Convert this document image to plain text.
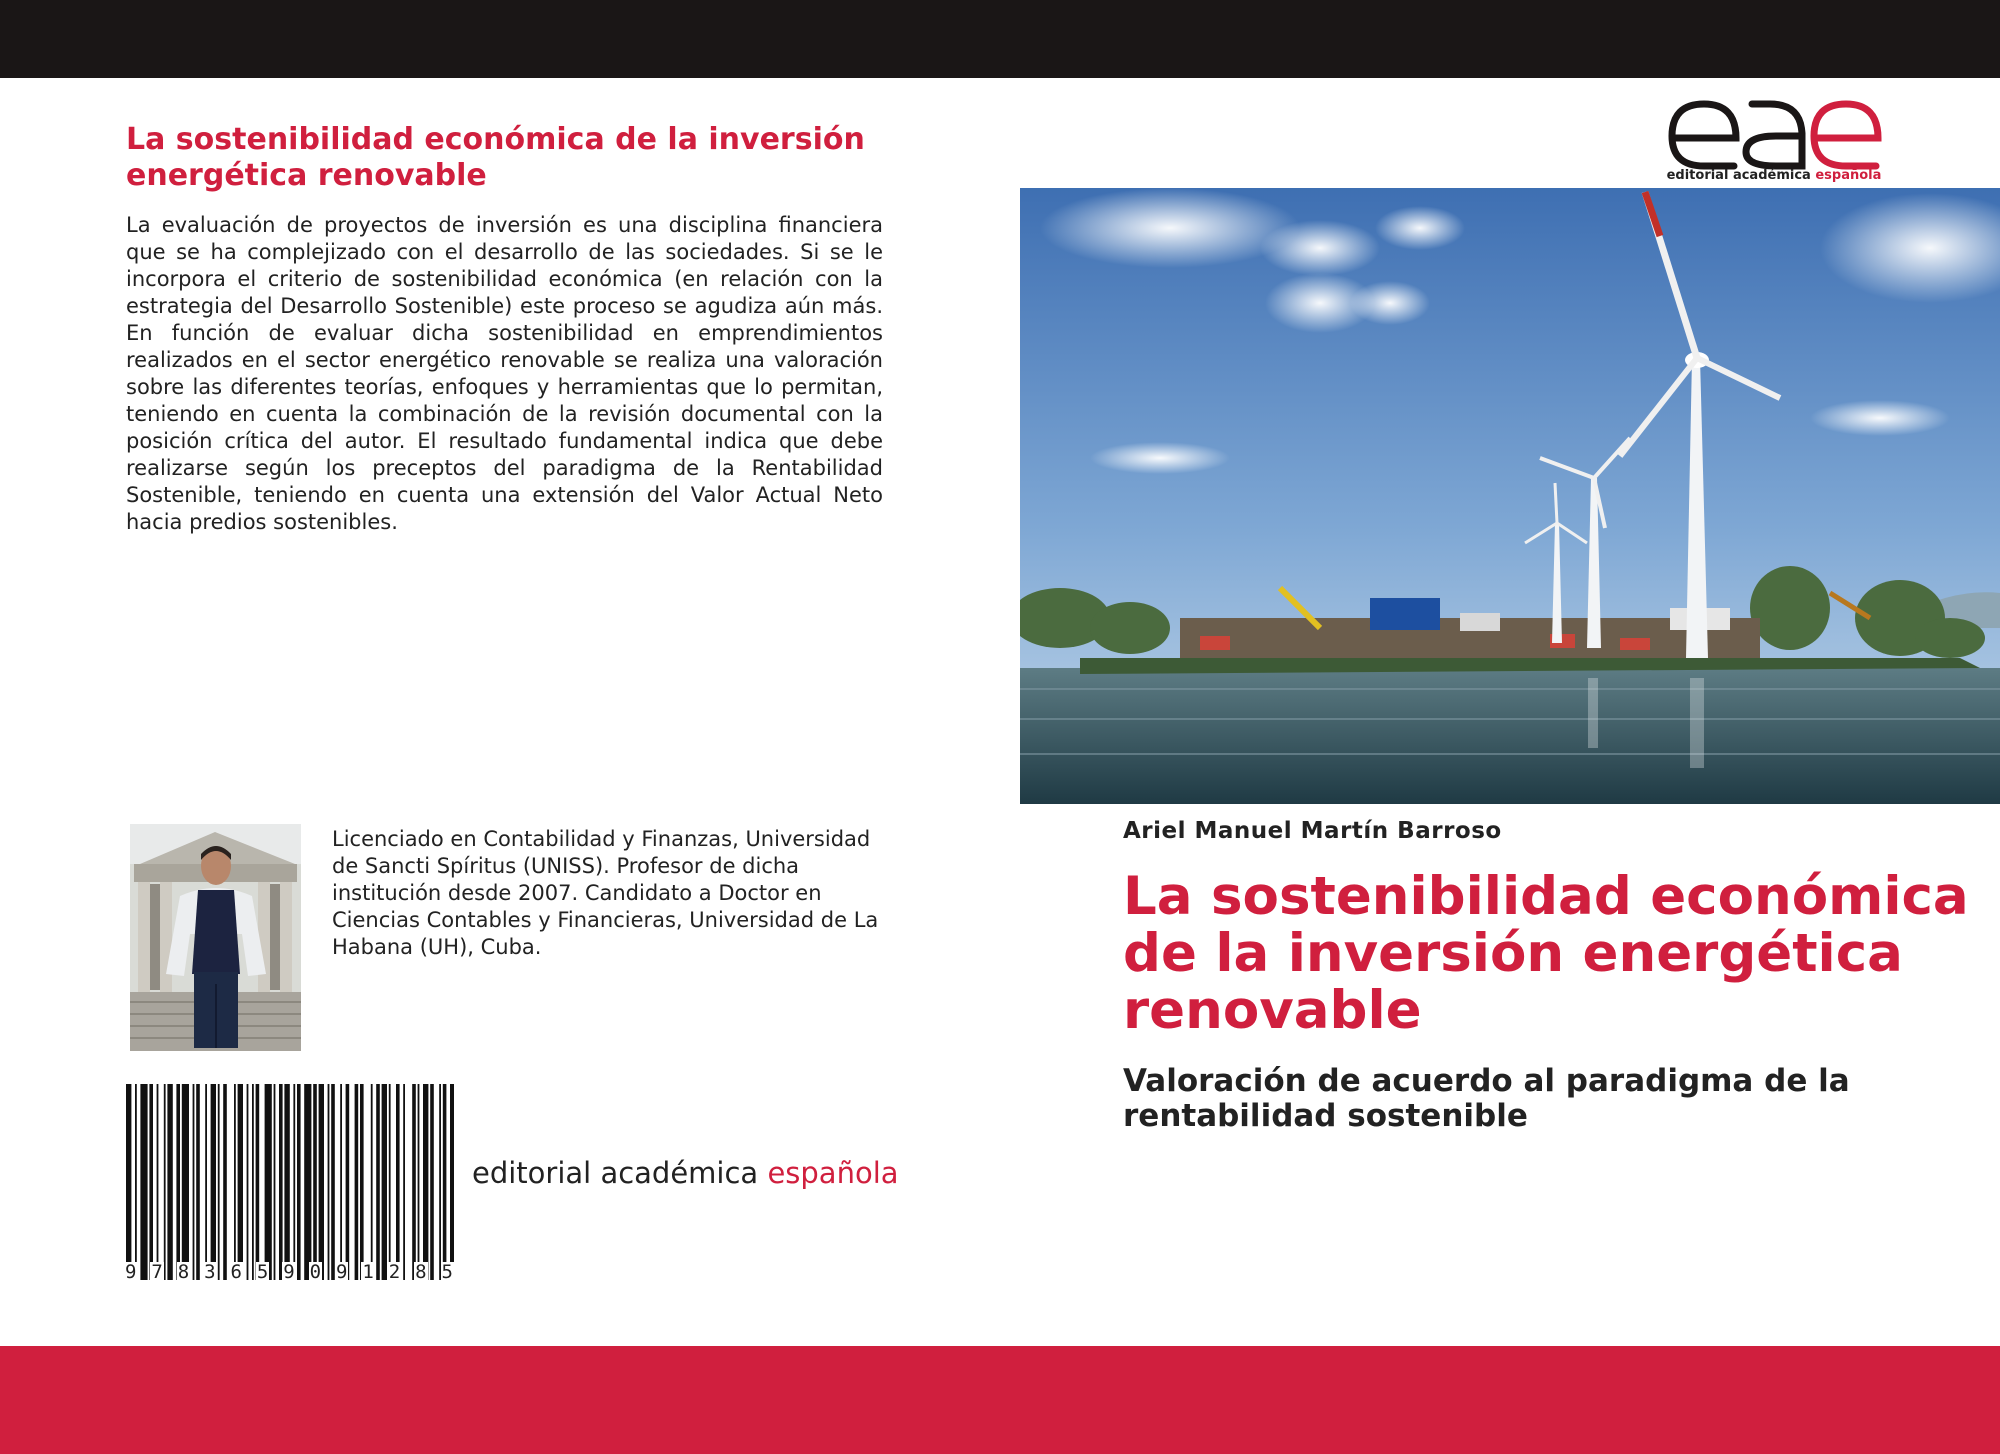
La sostenibilidad económica de la inversión energética renovable

La evaluación de proyectos de inversión es una disciplina financiera que se ha complejizado con el desarrollo de las sociedades. Si se le incorpora el criterio de sostenibilidad económica (en relación con la estrategia del Desarrollo Sostenible) este proceso se agudiza aún más. En función de evaluar dicha sostenibilidad en emprendimientos realizados en el sector energético renovable se realiza una valoración sobre las diferentes teorías, enfoques y herramientas que lo permitan, teniendo en cuenta la combinación de la revisión documental con la posición crítica del autor. El resultado fundamental indica que debe realizarse según los preceptos del paradigma de la Rentabilidad Sostenible, teniendo en cuenta una extensión del Valor Actual Neto hacia predios sostenibles.

Licenciado en Contabilidad y Finanzas, Universidad de Sancti Spíritus (UNISS). Profesor de dicha institución desde 2007. Candidato a Doctor en Ciencias Contables y Financieras, Universidad de La Habana (UH), Cuba.

9 7 8 3 6 5 9 0 9 1 2 8 5
editorial académica española
editorial académica española

Ariel Manuel Martín Barroso

La sostenibilidad económica de la inversión energética renovable
Valoración de acuerdo al paradigma de la rentabilidad sostenible
